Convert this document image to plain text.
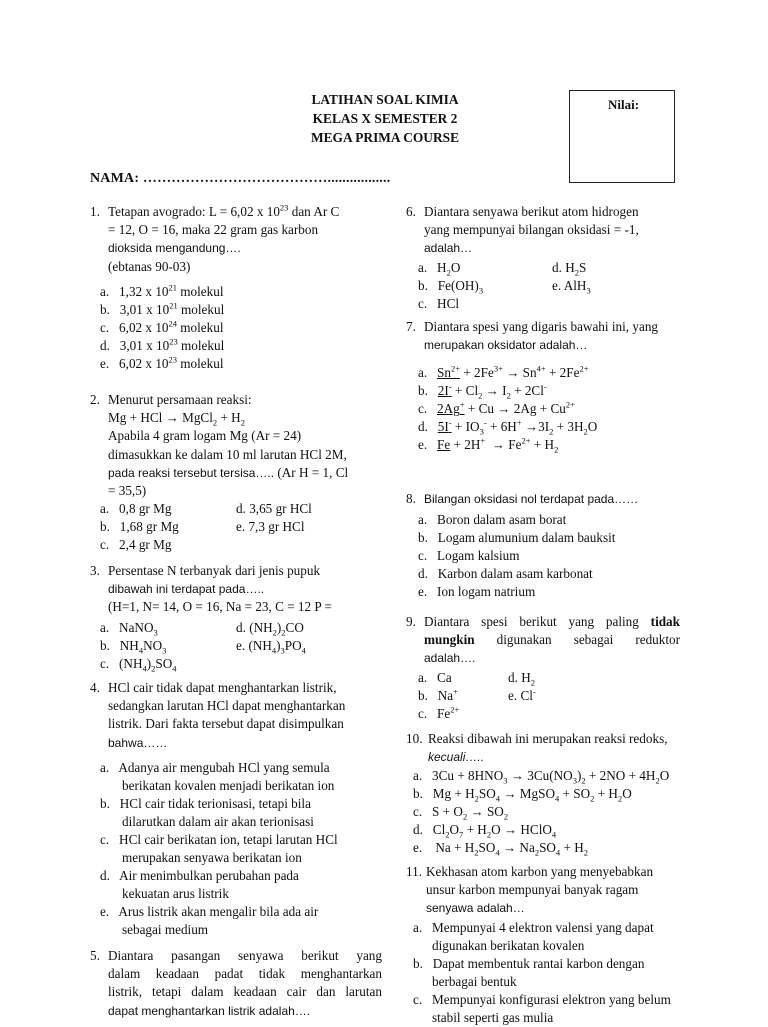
LATIHAN SOAL KIMIA
KELAS X SEMESTER 2
MEGA PRIMA COURSE
Nilai:
NAMA: ………………………………….................
1. Tetapan avogrado: L = 6,02 x $10^{23}$ dan Ar C
= 12, O = 16, maka 22 gram gas karbon
dioksida mengandung….
(ebtanas 90-03)
a.   1,32 x $10^{21}$ molekul
b.   3,01 x $10^{21}$ molekul
c.   6,02 x $10^{24}$ molekul
d.   3,01 x $10^{23}$ molekul
e.   6,02 x $10^{23}$ molekul
2. Menurut persamaan reaksi:
Mg + HCl → MgCl$_2$ + $H_2$
Apabila 4 gram logam Mg (Ar = 24)
dimasukkan ke dalam 10 ml larutan HCl 2M,
pada reaksi tersebut tersisa….. (Ar H = 1, Cl
= 35,5)
a.   0,8 gr Mg	d. 3,65 gr HCl
b.   1,68 gr Mg	e. 7,3 gr HCl
c.   2,4 gr Mg
3. Persentase N terbanyak dari jenis pupuk
dibawah ini terdapat pada…..
(H=1, N= 14, O = 16, Na = 23, C = 12 P =
a.   NaNO$_3$	d. $(NH_2)_2CO$
b.   $NH_4NO_3$	e. $(NH_4)_3PO_4$
c.   $(NH_4)_2SO_4$
4. HCl cair tidak dapat menghantarkan listrik,
sedangkan larutan HCl dapat menghantarkan
listrik. Dari fakta tersebut dapat disimpulkan
bahwa……
a.   Adanya air mengubah HCl yang semula
berikatan kovalen menjadi berikatan ion
b.   HCl cair tidak terionisasi, tetapi bila
dilarutkan dalam air akan terionisasi
c.   HCl cair berikatan ion, tetapi larutan HCl
merupakan senyawa berikatan ion
d.   Air menimbulkan perubahan pada
kekuatan arus listrik
e.   Arus listrik akan mengalir bila ada air
sebagai medium
5. Diantara pasangan senyawa berikut yang
dalam keadaan padat tidak menghantarkan
listrik, tetapi dalam keadaan cair dan larutan
dapat menghantarkan listrik adalah….
6. Diantara senyawa berikut atom hidrogen
yang mempunyai bilangan oksidasi = -1,
adalah…
a.   $H_2O$	d. $H_2S$
b.   $Fe(OH)_3$	e. AlH$_3$
c.   HCl
7. Diantara spesi yang digaris bawahi ini, yang
merupakan oksidator adalah…
a.   $Sn^{2+} + 2Fe^{3+} \to Sn^{4+} + 2Fe^{2+}$
b.   $2I^- + Cl_2 \to I_2 + 2Cl^-$
c.   $2Ag^+ + Cu \to 2Ag + Cu^{2+}$
d.   $5I^- + IO_3^- + 6H^+ \to 3I_2 + 3H_2O$
e.   $Fe + 2H^+ \to Fe^{2+} + H_2$
8. Bilangan oksidasi nol terdapat pada……
a.   Boron dalam asam borat
b.   Logam alumunium dalam bauksit
c.   Logam kalsium
d.   Karbon dalam asam karbonat
e.   Ion logam natrium
9. Diantara spesi berikut yang paling tidak
mungkin digunakan sebagai reduktor
adalah….
a.   Ca	d. $H_2$
b.   Na+	e. Cl-
c.   $Fe^{2+}$
10. Reaksi dibawah ini merupakan reaksi redoks,
kecuali…..
a.   $3Cu + 8HNO_3 \to 3Cu(NO_3)_2 + 2NO + 4H_2O$
b.   $Mg + H_2SO_4$ → MgSO$_4$ + $SO_2 + H_2O$
c.   $S + O_2 \to SO_2$
d.   $Cl_2O_7 + H_2O$ → HClO$_4$
e.    $Na + H_2SO_4 \to Na_2SO_4 + H_2$
11. Kekhasan atom karbon yang menyebabkan
unsur karbon mempunyai banyak ragam
senyawa adalah…
a.   Mempunyai 4 elektron valensi yang dapat
digunakan berikatan kovalen
b.   Dapat membentuk rantai karbon dengan
berbagai bentuk
c.   Mempunyai konfigurasi elektron yang belum
stabil seperti gas mulia
